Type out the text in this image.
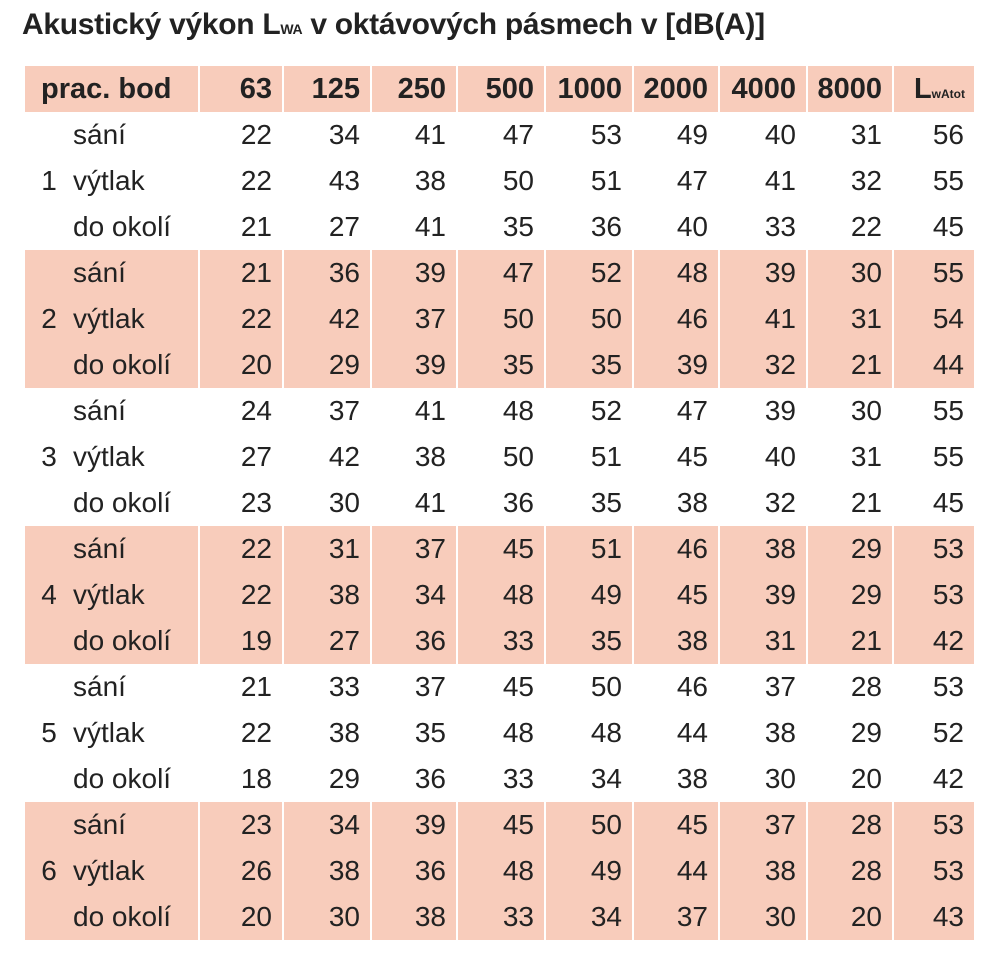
Akustický výkon LWA v oktávových pásmech v [dB(A)]
prac. bod	63	125	250	500	1000	2000	4000	8000	LwAtot
sání	22	34	41	47	53	49	40	31	56
1 výtlak	22	43	38	50	51	47	41	32	55
do okolí	21	27	41	35	36	40	33	22	45
sání	21	36	39	47	52	48	39	30	55
2 výtlak	22	42	37	50	50	46	41	31	54
do okolí	20	29	39	35	35	39	32	21	44
sání	24	37	41	48	52	47	39	30	55
3 výtlak	27	42	38	50	51	45	40	31	55
do okolí	23	30	41	36	35	38	32	21	45
sání	22	31	37	45	51	46	38	29	53
4 výtlak	22	38	34	48	49	45	39	29	53
do okolí	19	27	36	33	35	38	31	21	42
sání	21	33	37	45	50	46	37	28	53
5 výtlak	22	38	35	48	48	44	38	29	52
do okolí	18	29	36	33	34	38	30	20	42
sání	23	34	39	45	50	45	37	28	53
6 výtlak	26	38	36	48	49	44	38	28	53
do okolí	20	30	38	33	34	37	30	20	43
